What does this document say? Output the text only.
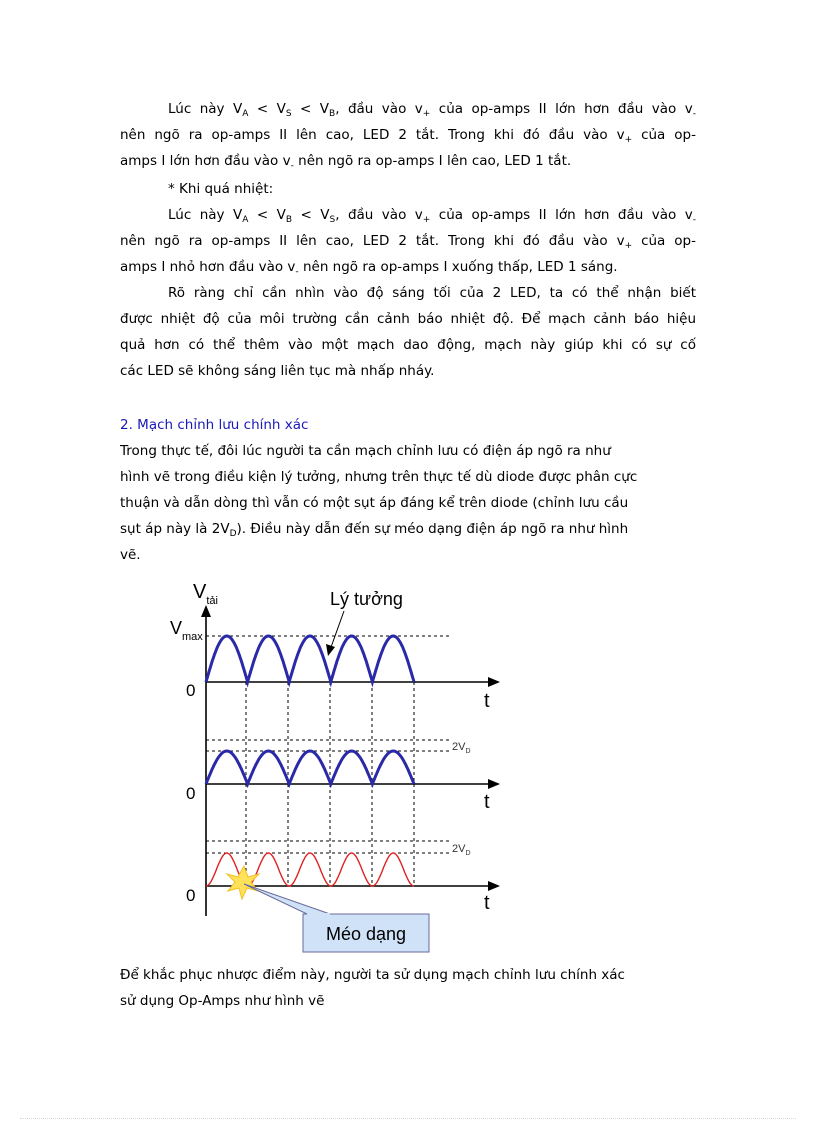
Lúc này $V_A < V_S < V_B$, đầu vào $v_+$ của op-amps II lớn hơn đầu vào $v_-$
nên ngõ ra op-amps II lên cao, LED 2 tắt. Trong khi đó đầu vào $v_+$ của op-
amps I lớn hơn đầu vào $v_-$ nên ngõ ra op-amps I lên cao, LED 1 tắt.
* Khi quá nhiệt:
Lúc này $V_A < V_B < V_S$, đầu vào $v_+$ của op-amps II lớn hơn đầu vào $v_-$
nên ngõ ra op-amps II lên cao, LED 2 tắt. Trong khi đó đầu vào $v_+$ của op-
amps I nhỏ hơn đầu vào $v_-$ nên ngõ ra op-amps I xuống thấp, LED 1 sáng.
Rõ ràng chỉ cần nhìn vào độ sáng tối của 2 LED, ta có thể nhận biết
được nhiệt độ của môi trường cần cảnh báo nhiệt độ. Để mạch cảnh báo hiệu
quả hơn có thể thêm vào một mạch dao động, mạch này giúp khi có sự cố
các LED sẽ không sáng liên tục mà nhấp nháy.
2. Mạch chỉnh lưu chính xác
Trong thực tế, đôi lúc người ta cần mạch chỉnh lưu có điện áp ngõ ra như
hình vẽ trong điều kiện lý tưởng, nhưng trên thực tế dù diode được phân cực
thuận và dẫn dòng thì vẫn có một sụt áp đáng kể trên diode (chỉnh lưu cầu
sụt áp này là $2V_D$). Điều này dẫn đến sự méo dạng điện áp ngõ ra như hình
vẽ.
Méo dạng
$V_{tải}$
$V_{max}$
Lý tưởng
0
0
0
t
t
t
$2V_D$
$2V_D$
Để khắc phục nhược điểm này, người ta sử dụng mạch chỉnh lưu chính xác
sử dụng Op-Amps như hình vẽ
